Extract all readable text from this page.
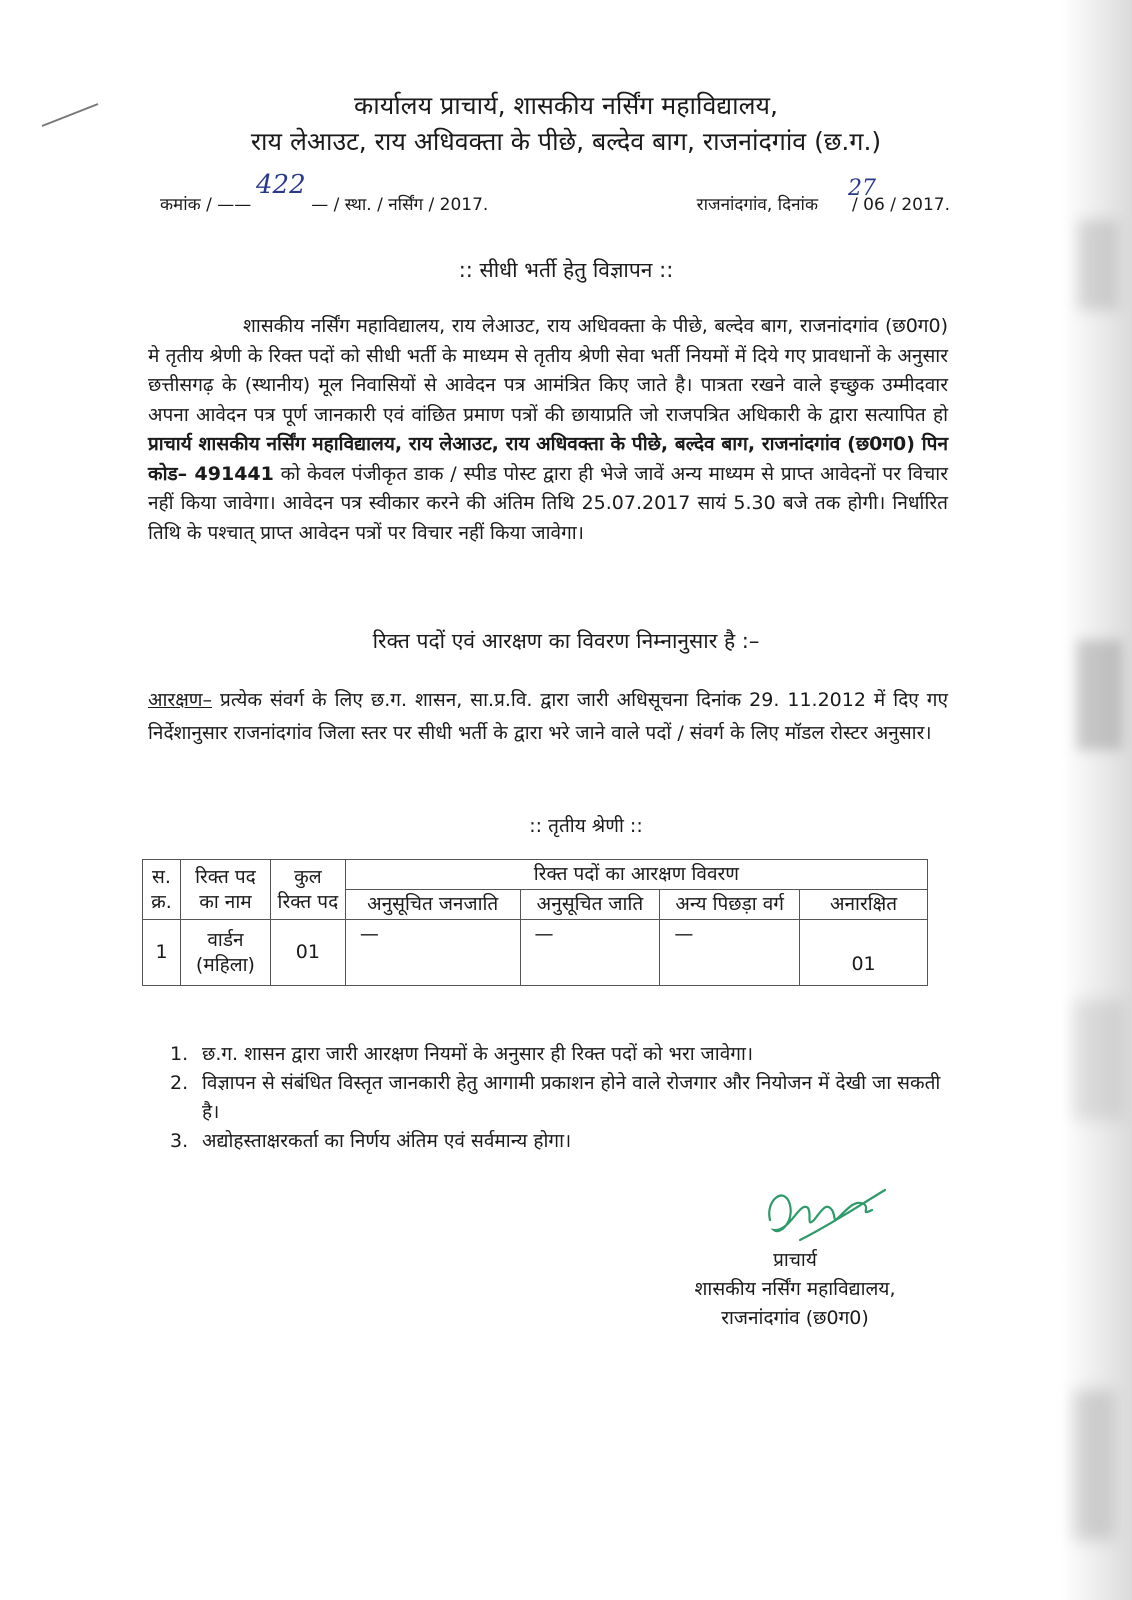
कार्यालय प्राचार्य, शासकीय नर्सिंग महाविद्यालय,
राय लेआउट, राय अधिवक्ता के पीछे, बल्देव बाग, राजनांदगांव (छ.ग.)
कमांक / ——	— / स्था. / नर्सिंग / 2017.
422
राजनांदगांव, दिनांक / 06 / 2017.
27
:: सीधी भर्ती हेतु विज्ञापन ::
शासकीय नर्सिंग महाविद्यालय, राय लेआउट, राय अधिवक्ता के पीछे, बल्देव बाग, राजनांदगांव (छ0ग0) मे तृतीय श्रेणी के रिक्त पदों को सीधी भर्ती के माध्यम से तृतीय श्रेणी सेवा भर्ती नियमों में दिये गए प्रावधानों के अनुसार छत्तीसगढ़ के (स्थानीय) मूल निवासियों से आवेदन पत्र आमंत्रित किए जाते है। पात्रता रखने वाले इच्छुक उम्मीदवार अपना आवेदन पत्र पूर्ण जानकारी एवं वांछित प्रमाण पत्रों की छायाप्रति जो राजपत्रित अधिकारी के द्वारा सत्यापित हो प्राचार्य शासकीय नर्सिंग महाविद्यालय, राय लेआउट, राय अधिवक्ता के पीछे, बल्देव बाग, राजनांदगांव (छ0ग0) पिन कोड– 491441 को केवल पंजीकृत डाक / स्पीड पोस्ट द्वारा ही भेजे जावें अन्य माध्यम से प्राप्त आवेदनों पर विचार नहीं किया जावेगा। आवेदन पत्र स्वीकार करने की अंतिम तिथि 25.07.2017 सायं 5.30 बजे तक होगी। निर्धारित तिथि के पश्चात् प्राप्त आवेदन पत्रों पर विचार नहीं किया जावेगा।
रिक्त पदों एवं आरक्षण का विवरण निम्नानुसार है :–
आरक्षण– प्रत्येक संवर्ग के लिए छ.ग. शासन, सा.प्र.वि. द्वारा जारी अधिसूचना दिनांक 29. 11.2012 में दिए गए निर्देशानुसार राजनांदगांव जिला स्तर पर सीधी भर्ती के द्वारा भरे जाने वाले पदों / संवर्ग के लिए मॉडल रोस्टर अनुसार।
:: तृतीय श्रेणी ::
स. क्र.	रिक्त पद का नाम	कुल रिक्त पद	रिक्त पदों का आरक्षण विवरण			
			अनुसूचित जनजाति	अनुसूचित जाति	अन्य पिछड़ा वर्ग	अनारक्षित
1	वार्डन (महिला)	01	—	—	—	01
1. छ.ग. शासन द्वारा जारी आरक्षण नियमों के अनुसार ही रिक्त पदों को भरा जावेगा।
2. विज्ञापन से संबंधित विस्तृत जानकारी हेतु आगामी प्रकाशन होने वाले रोजगार और नियोजन में देखी जा सकती है।
3. अद्योहस्ताक्षरकर्ता का निर्णय अंतिम एवं सर्वमान्य होगा।
प्राचार्य
शासकीय नर्सिंग महाविद्यालय,
राजनांदगांव (छ0ग0)
